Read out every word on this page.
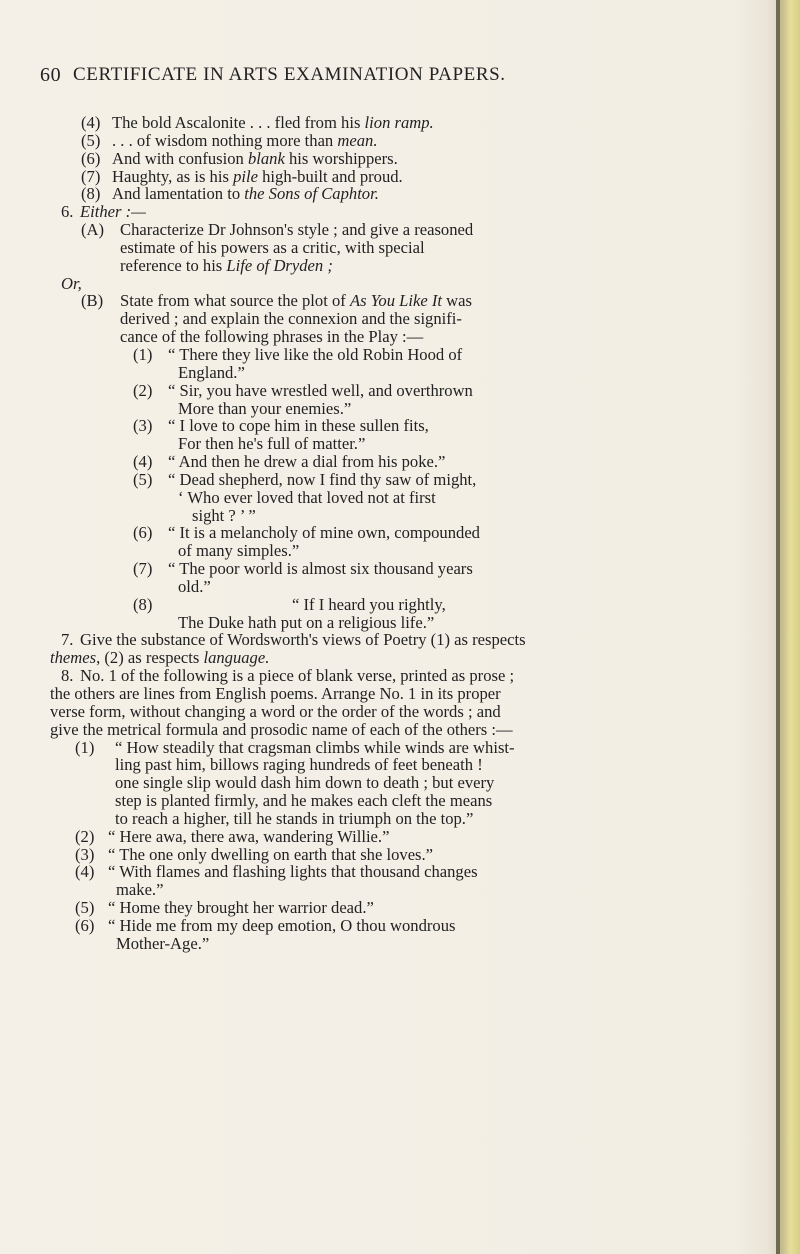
60 CERTIFICATE IN ARTS EXAMINATION PAPERS.
(4) The bold Ascalonite . . . fled from his lion ramp.
(5) . . . of wisdom nothing more than mean.
(6) And with confusion blank his worshippers.
(7) Haughty, as is his pile high-built and proud.
(8) And lamentation to the Sons of Caphtor.
6. Either :—
(A) Characterize Dr Johnson's style ; and give a reasoned
estimate of his powers as a critic, with special
reference to his Life of Dryden ;
Or,
(B) State from what source the plot of As You Like It was
derived ; and explain the connexion and the signifi-
cance of the following phrases in the Play :—
(1) “ There they live like the old Robin Hood of
England.”
(2) “ Sir, you have wrestled well, and overthrown
More than your enemies.”
(3) “ I love to cope him in these sullen fits,
For then he's full of matter.”
(4) “ And then he drew a dial from his poke.”
(5) “ Dead shepherd, now I find thy saw of might,
‘ Who ever loved that loved not at first
sight ? ’ ”
(6) “ It is a melancholy of mine own, compounded
of many simples.”
(7) “ The poor world is almost six thousand years
old.”
(8)	“ If I heard you rightly,
The Duke hath put on a religious life.”
7. Give the substance of Wordsworth's views of Poetry (1) as respects
themes, (2) as respects language.
8. No. 1 of the following is a piece of blank verse, printed as prose ;
the others are lines from English poems. Arrange No. 1 in its proper
verse form, without changing a word or the order of the words ; and
give the metrical formula and prosodic name of each of the others :—
(1) “ How steadily that cragsman climbs while winds are whist-
ling past him, billows raging hundreds of feet beneath !
one single slip would dash him down to death ; but every
step is planted firmly, and he makes each cleft the means
to reach a higher, till he stands in triumph on the top.”
(2) “ Here awa, there awa, wandering Willie.”
(3) “ The one only dwelling on earth that she loves.”
(4) “ With flames and flashing lights that thousand changes
make.”
(5) “ Home they brought her warrior dead.”
(6) “ Hide me from my deep emotion, O thou wondrous
Mother-Age.”
